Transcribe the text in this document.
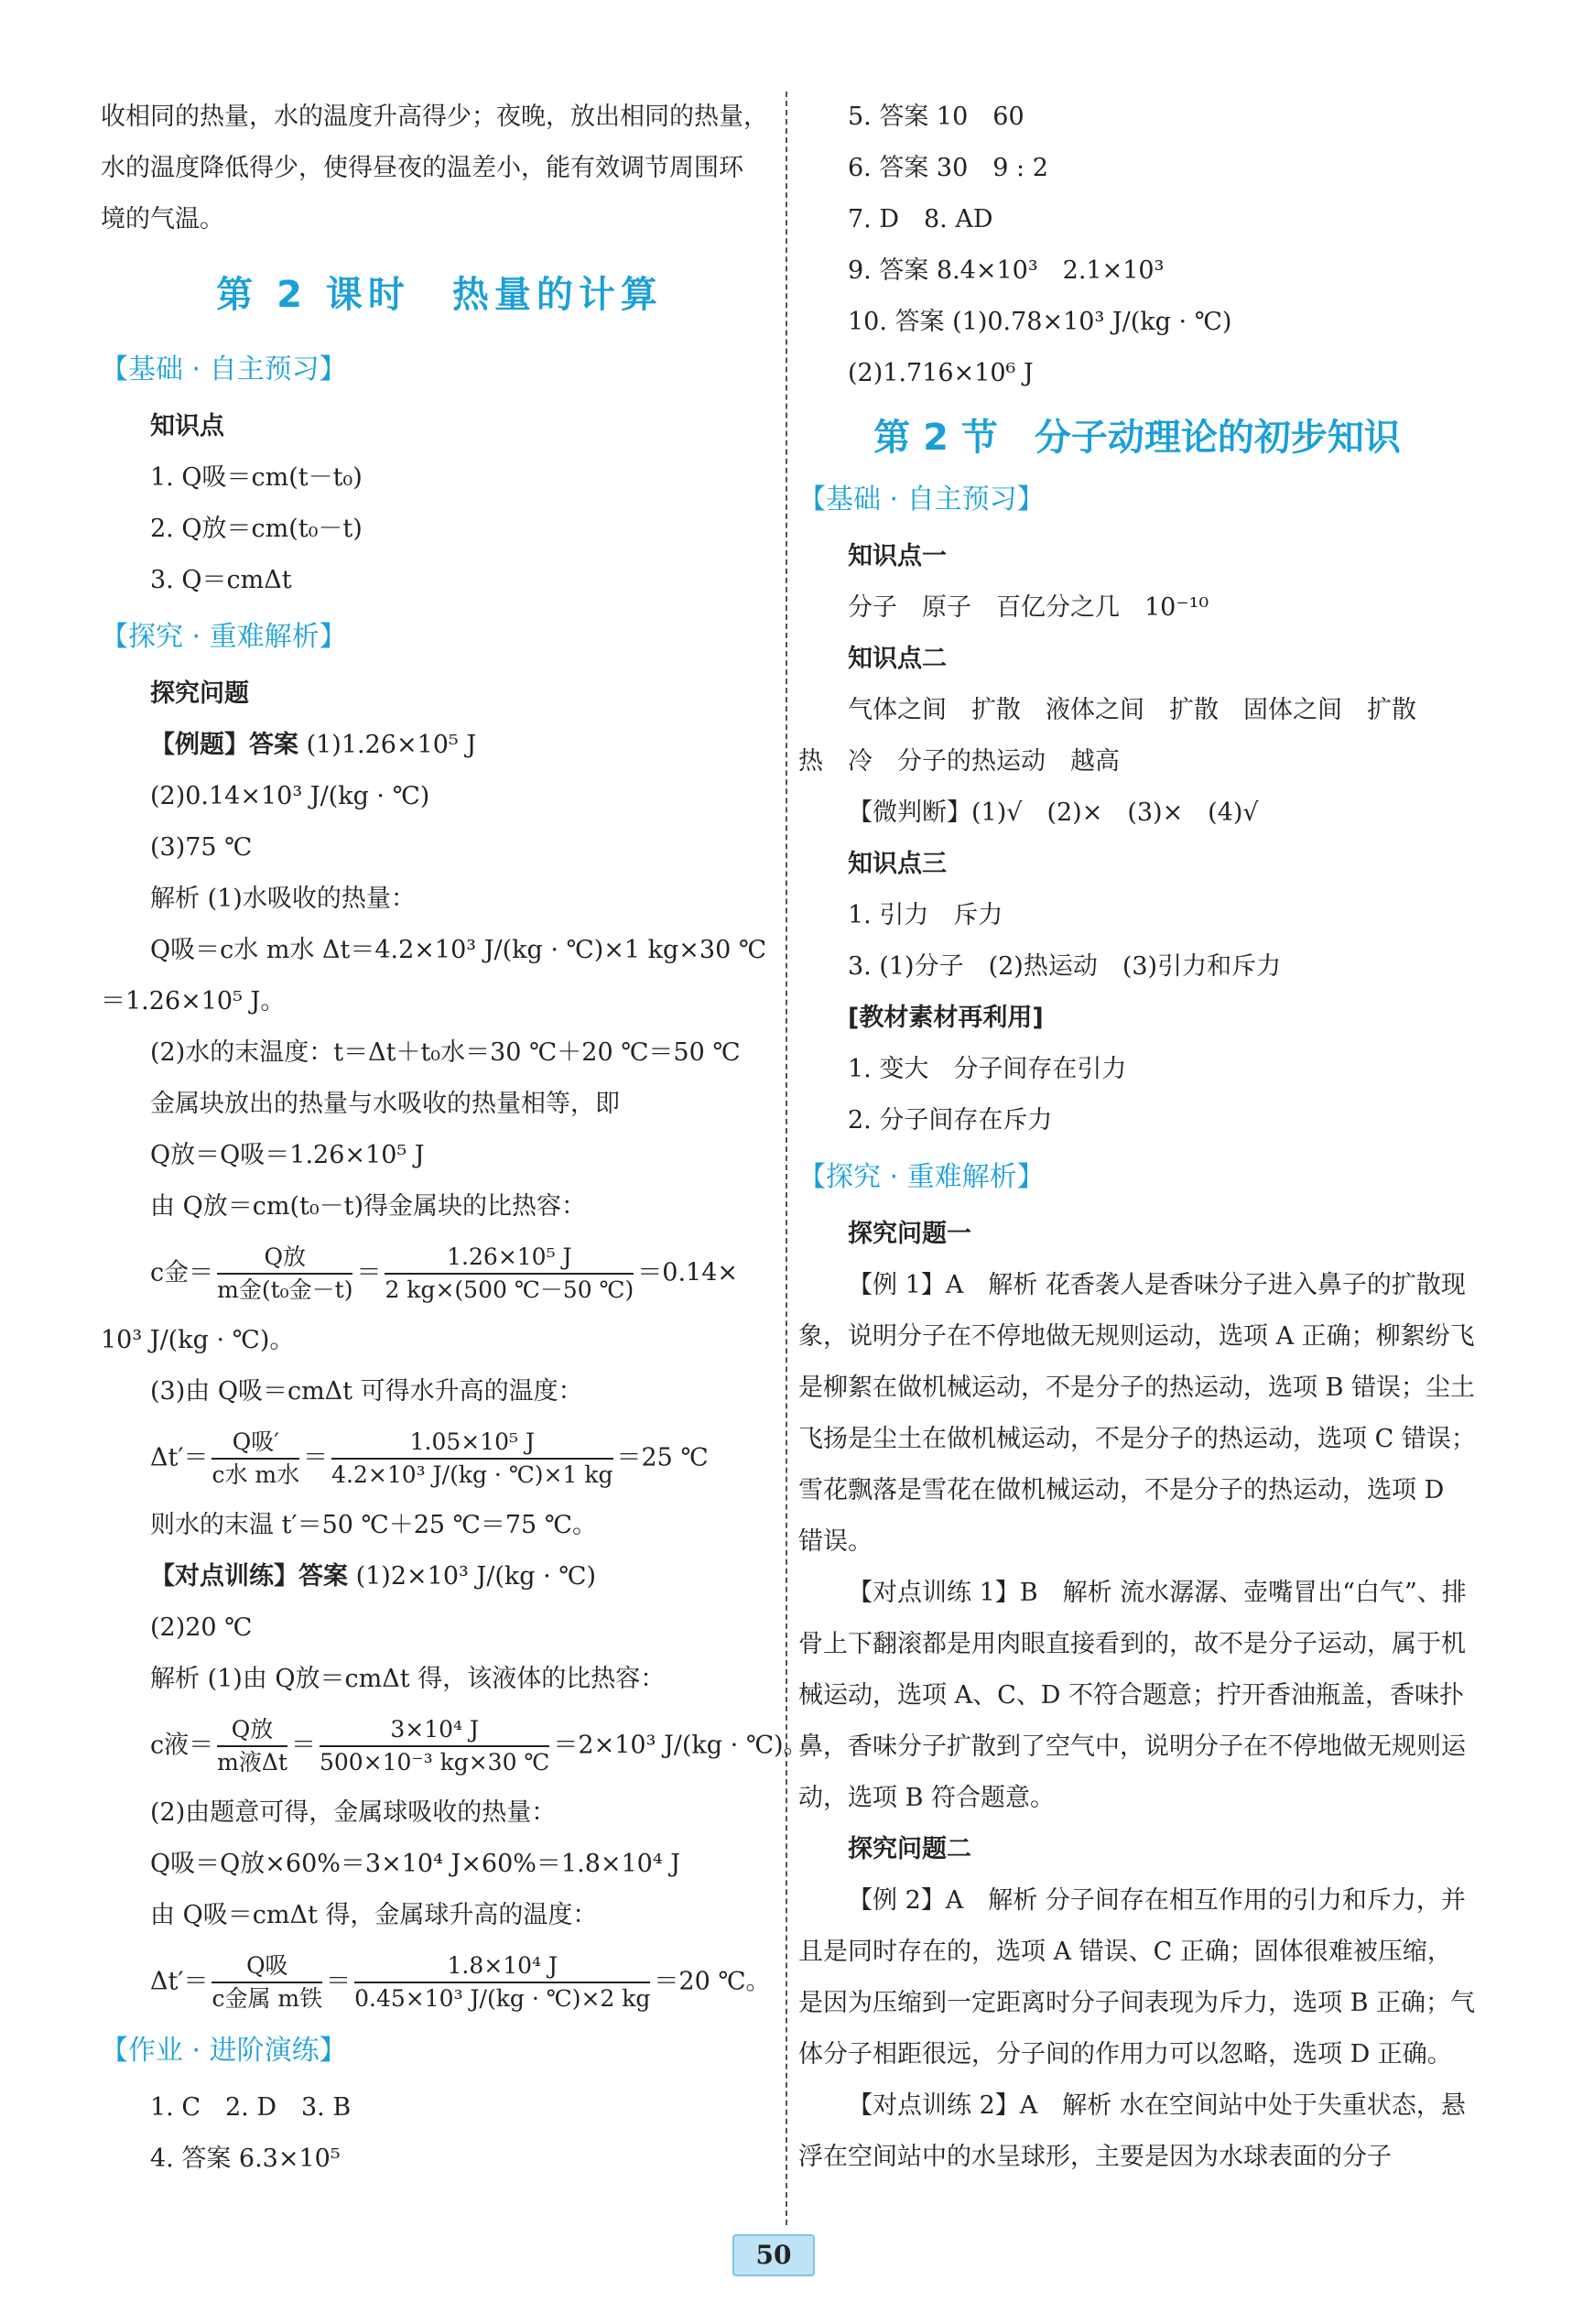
收相同的热量，水的温度升高得少；夜晚，放出相同的热量，
水的温度降低得少，使得昼夜的温差小，能有效调节周围环
境的气温。
第 2 课时　热量的计算
【基础 · 自主预习】
知识点
1. Q吸＝cm(t－t₀)
2. Q放＝cm(t₀－t)
3. Q＝cmΔt
【探究 · 重难解析】
探究问题
【例题】答案 (1)1.26×10⁵ J
(2)0.14×10³ J/(kg · ℃)
(3)75 ℃
解析 (1)水吸收的热量：
Q吸＝c水 m水 Δt＝4.2×10³ J/(kg · ℃)×1 kg×30 ℃
＝1.26×10⁵ J。
(2)水的末温度：t＝Δt＋t₀水＝30 ℃＋20 ℃＝50 ℃
金属块放出的热量与水吸收的热量相等，即
Q放＝Q吸＝1.26×10⁵ J
由 Q放＝cm(t₀－t)得金属块的比热容：
c金＝ $\frac{\text{Q放}}{\text{m金(t₀金－t)}} = \frac{\text{1.26×10⁵ J}}{2 kg\times(500 ℃-50 ℃)} =0.14\times$
10³ J/(kg · ℃)。
(3)由 Q吸＝cmΔt 可得水升高的温度：
$\Delta t'= \frac{\text{Q吸′}}{\text{c水 m水}} = \frac{\text{1.05×10⁵ J}}{\text{4.2×10³ J/(kg · ℃)×1 kg}} =25$ ℃
则水的末温 t′＝50 ℃＋25 ℃＝75 ℃。
【对点训练】答案 (1)2×10³ J/(kg · ℃)
(2)20 ℃
解析 (1)由 Q放＝cmΔt 得，该液体的比热容：
c液＝ $\frac{\text{Q放}}{\text{m液Δt}} = \frac{\text{3×10⁴ J}}{\text{500×10⁻³ kg×30 ℃}} =2\times 10^3$ J/(kg · ℃)。
(2)由题意可得，金属球吸收的热量：
Q吸＝Q放×60%＝3×10⁴ J×60%＝1.8×10⁴ J
由 Q吸＝cmΔt 得，金属球升高的温度：
$\Delta t'= \frac{\text{Q吸}}{\text{c金属 m铁}} = \frac{\text{1.8×10⁴ J}}{\text{0.45×10³ J/(kg · ℃)×2 kg}} =20$ ℃。
【作业 · 进阶演练】
1. C　2. D　3. B
4. 答案 6.3×10⁵
5. 答案 10　60
6. 答案 30　9 : 2
7. D　8. AD
9. 答案 8.4×10³　2.1×10³
10. 答案 (1)0.78×10³ J/(kg · ℃)
(2)1.716×10⁶ J
第 2 节　分子动理论的初步知识
【基础 · 自主预习】
知识点一
分子　原子　百亿分之几　10⁻¹⁰
知识点二
气体之间　扩散　液体之间　扩散　固体之间　扩散
热　冷　分子的热运动　越高
【微判断】(1)√　(2)×　(3)×　(4)√
知识点三
1. 引力　斥力
3. (1)分子　(2)热运动　(3)引力和斥力
[教材素材再利用]
1. 变大　分子间存在引力
2. 分子间存在斥力
【探究 · 重难解析】
探究问题一
【例 1】A　解析 花香袭人是香味分子进入鼻子的扩散现象，说明分子在不停地做无规则运动，选项 A 正确；柳絮纷飞是柳絮在做机械运动，不是分子的热运动，选项 B 错误；尘土飞扬是尘土在做机械运动，不是分子的热运动，选项 C 错误；雪花飘落是雪花在做机械运动，不是分子的热运动，选项 D 错误。
【对点训练 1】B　解析 流水潺潺、壶嘴冒出“白气”、排骨上下翻滚都是用肉眼直接看到的，故不是分子运动，属于机械运动，选项 A、C、D 不符合题意；拧开香油瓶盖，香味扑鼻，香味分子扩散到了空气中，说明分子在不停地做无规则运动，选项 B 符合题意。
探究问题二
【例 2】A　解析 分子间存在相互作用的引力和斥力，并且是同时存在的，选项 A 错误、C 正确；固体很难被压缩，是因为压缩到一定距离时分子间表现为斥力，选项 B 正确；气体分子相距很远，分子间的作用力可以忽略，选项 D 正确。
【对点训练 2】A　解析 水在空间站中处于失重状态，悬浮在空间站中的水呈球形，主要是因为水球表面的分子
50
